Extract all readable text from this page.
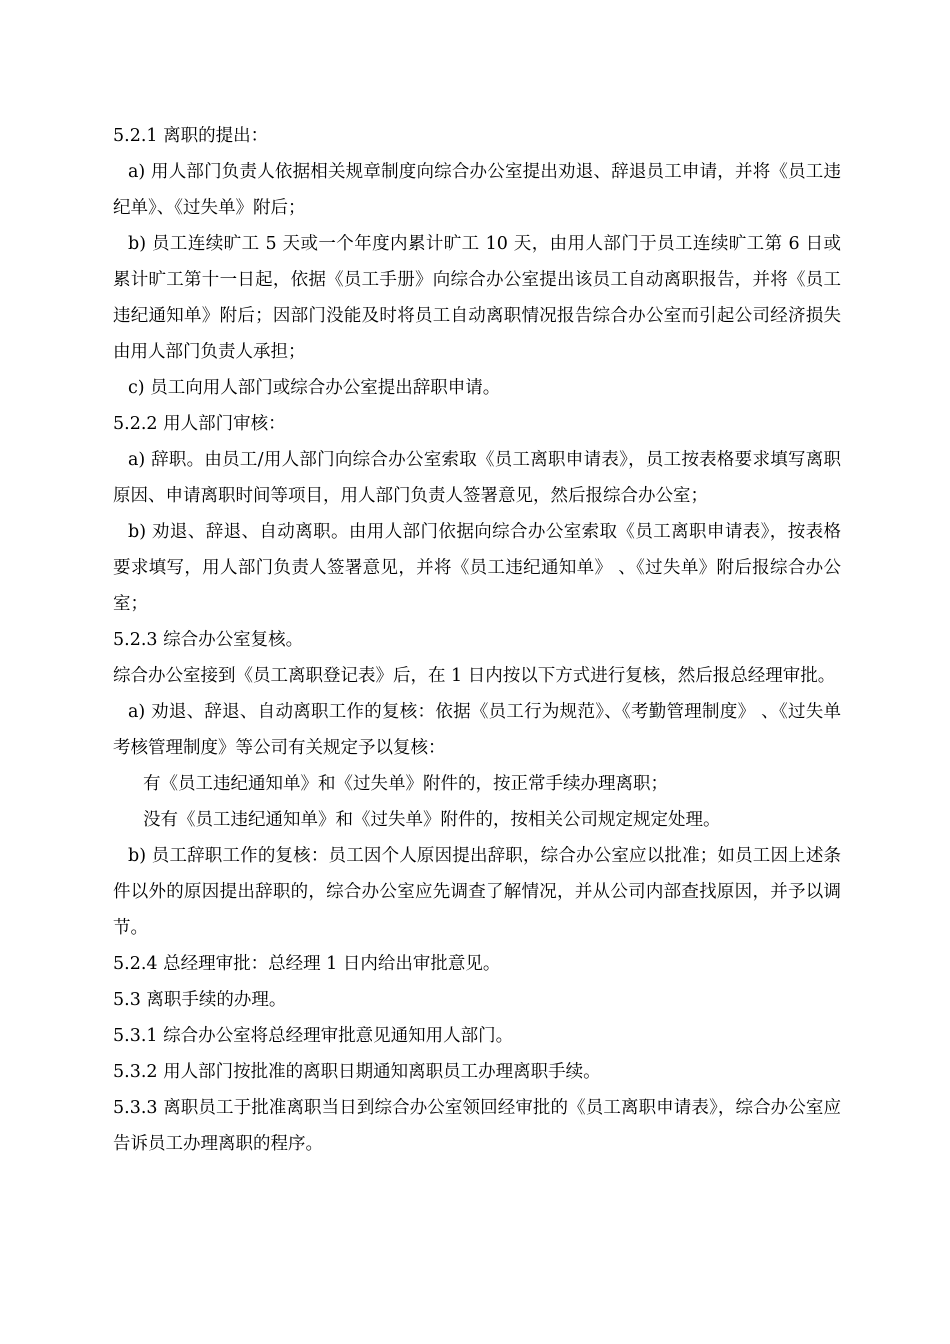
5.2.1 离职的提出：

a) 用人部门负责人依据相关规章制度向综合办公室提出劝退、辞退员工申请，并将《员工违纪单》、《过失单》附后；

b) 员工连续旷工 5 天或一个年度内累计旷工 10 天，由用人部门于员工连续旷工第 6 日或累计旷工第十一日起，依据《员工手册》向综合办公室提出该员工自动离职报告，并将《员工违纪通知单》附后；因部门没能及时将员工自动离职情况报告综合办公室而引起公司经济损失由用人部门负责人承担；

c) 员工向用人部门或综合办公室提出辞职申请。

5.2.2 用人部门审核：

a) 辞职。由员工/用人部门向综合办公室索取《员工离职申请表》，员工按表格要求填写离职原因、申请离职时间等项目，用人部门负责人签署意见，然后报综合办公室；

b) 劝退、辞退、自动离职。由用人部门依据向综合办公室索取《员工离职申请表》，按表格要求填写，用人部门负责人签署意见，并将《员工违纪通知单》 、《过失单》附后报综合办公室；

5.2.3 综合办公室复核。

综合办公室接到《员工离职登记表》后，在 1 日内按以下方式进行复核，然后报总经理审批。

a) 劝退、辞退、自动离职工作的复核：依据《员工行为规范》、《考勤管理制度》 、《过失单考核管理制度》等公司有关规定予以复核：

有《员工违纪通知单》和《过失单》附件的，按正常手续办理离职；

没有《员工违纪通知单》和《过失单》附件的，按相关公司规定规定处理。

b) 员工辞职工作的复核：员工因个人原因提出辞职，综合办公室应以批准；如员工因上述条件以外的原因提出辞职的，综合办公室应先调查了解情况，并从公司内部查找原因，并予以调节。

5.2.4 总经理审批：总经理 1 日内给出审批意见。

5.3 离职手续的办理。

5.3.1 综合办公室将总经理审批意见通知用人部门。

5.3.2 用人部门按批准的离职日期通知离职员工办理离职手续。

5.3.3 离职员工于批准离职当日到综合办公室领回经审批的《员工离职申请表》，综合办公室应告诉员工办理离职的程序。
